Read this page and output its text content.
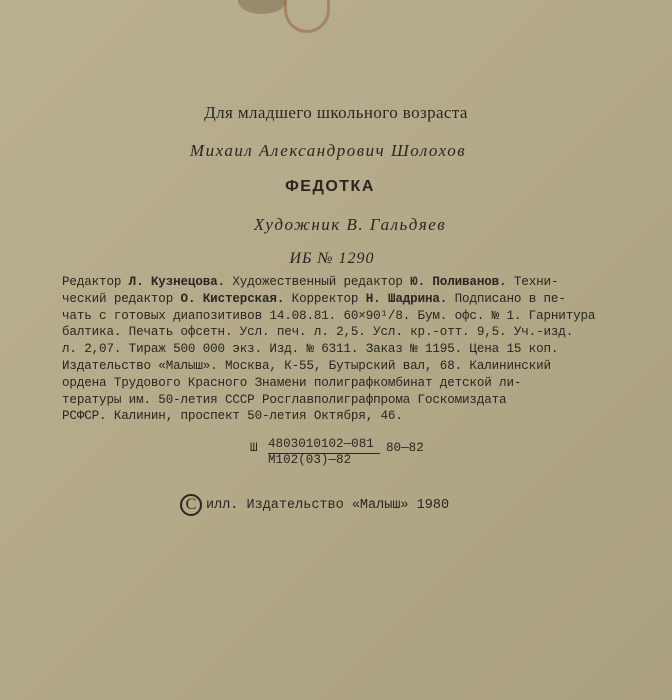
Для младшего школьного возраста
Михаил Александрович Шолохов
ФЕДОТКА
Художник В. Гальдяев
ИБ № 1290
Редактор Л. Кузнецова. Художественный редактор Ю. Поливанов. Техни-
ческий редактор О. Кистерская. Корректор Н. Шадрина. Подписано в пе-
чать с готовых диапозитивов 14.08.81. 60×90¹/8. Бум. офс. № 1. Гарнитура
балтика. Печать офсетн. Усл. печ. л. 2,5. Усл. кр.-отт. 9,5. Уч.-изд.
л. 2,07. Тираж 500 000 экз. Изд. № 6311. Заказ № 1195. Цена 15 коп.
Издательство «Малыш». Москва, К-55, Бутырский вал, 68. Калининский
ордена Трудового Красного Знамени полиграфкомбинат детской ли-
тературы им. 50-летия СССР Росглавполиграфпрома Госкомиздата
РСФСР. Калинин, проспект 50-летия Октября, 46.
Ш 4803010102—081
М102(03)—82
80—82
С илл. Издательство «Малыш» 1980
